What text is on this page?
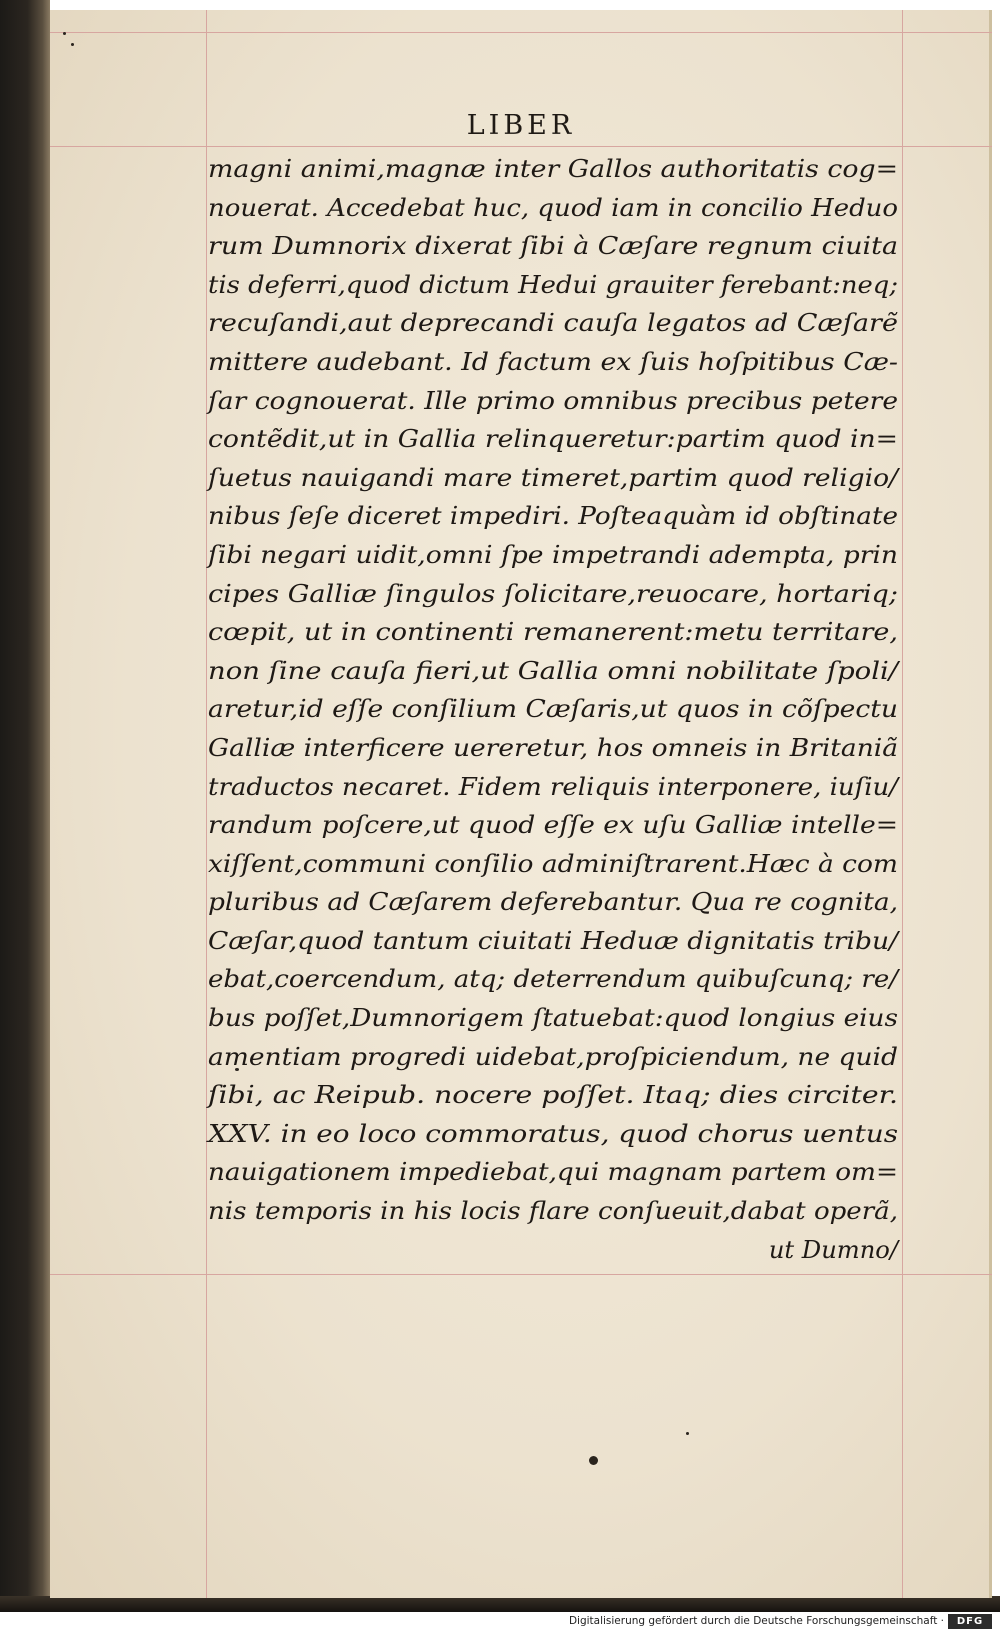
LIBER
magni animi,magnæ inter Gallos authoritatis cog=
nouerat. Accedebat huc, quod iam in concilio Heduo
rum Dumnorix dixerat ſibi à Cæſare regnum ciuita
tis deferri,quod dictum Hedui grauiter ferebant:neq;
recuſandi,aut deprecandi cauſa legatos ad Cæſarẽ
mittere audebant. Id factum ex ſuis hoſpitibus Cæ-
ſar cognouerat. Ille primo omnibus precibus petere
contẽdit,ut in Gallia relinqueretur:partim quod in=
ſuetus nauigandi mare timeret,partim quod religio/
nibus ſeſe diceret impediri. Poſteaquàm id obſtinate
ſibi negari uidit,omni ſpe impetrandi adempta, prin
cipes Galliæ ſingulos ſolicitare,reuocare, hortariq;
cœpit, ut in continenti remanerent:metu territare,
non ſine cauſa fieri,ut Gallia omni nobilitate ſpoli/
aretur,id eſſe conſilium Cæſaris,ut quos in cõſpectu
Galliæ interficere uereretur, hos omneis in Britaniã
traductos necaret. Fidem reliquis interponere, iuſiu/
randum poſcere,ut quod eſſe ex uſu Galliæ intelle=
xiſſent,communi conſilio adminiſtrarent.Hæc à com
pluribus ad Cæſarem deferebantur. Qua re cognita,
Cæſar,quod tantum ciuitati Heduæ dignitatis tribu/
ebat,coercendum, atq; deterrendum quibuſcunq; re/
bus poſſet,Dumnorigem ſtatuebat:quod longius eius
amentiam progredi uidebat,proſpiciendum, ne quid
ſibi, ac Reipub. nocere poſſet. Itaq; dies circiter.
XXV. in eo loco commoratus, quod chorus uentus
nauigationem impediebat,qui magnam partem om=
nis temporis in his locis flare conſueuit,dabat operã,
ut Dumno/
Digitalisierung gefördert durch die Deutsche Forschungsgemeinschaft ·	DFG
